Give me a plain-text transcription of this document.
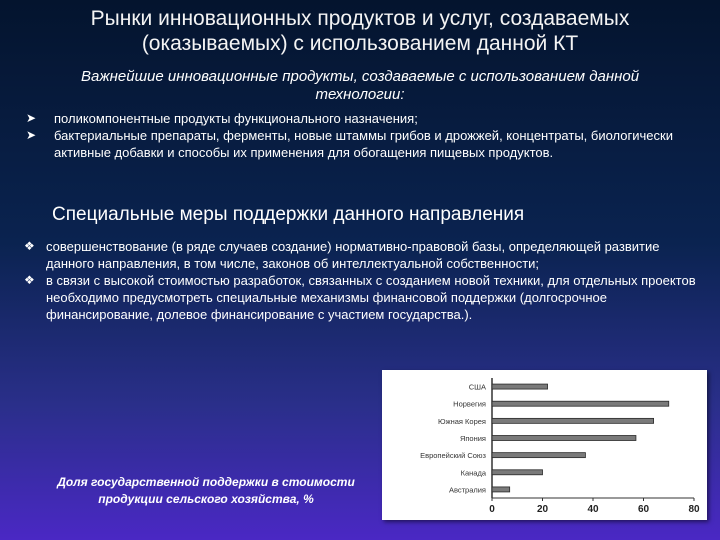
Рынки инновационных продуктов и услуг, создаваемых (оказываемых) с использованием данной КТ
Важнейшие инновационные продукты, создаваемые с использованием данной технологии:
➤ поликомпонентные продукты функционального назначения;
➤ бактериальные препараты, ферменты, новые штаммы грибов и дрожжей, концентраты, биологически активные добавки и способы их применения для обогащения пищевых продуктов.
Специальные меры поддержки данного направления
❖ совершенствование (в ряде случаев создание) нормативно-правовой базы, определяющей развитие данного направления, в том числе, законов об интеллектуальной собственности;
❖ в связи с высокой стоимостью разработок, связанных с созданием новой техники, для отдельных проектов необходимо предусмотреть специальные механизмы финансовой поддержки (долгосрочное финансирование, долевое финансирование с участием государства.).
Доля государственной поддержки в стоимости продукции сельского хозяйства, %
США
Норвегия
Южная Корея
Япония
Европейский Союз
Канада
Австралия
0	20	40	60	80
